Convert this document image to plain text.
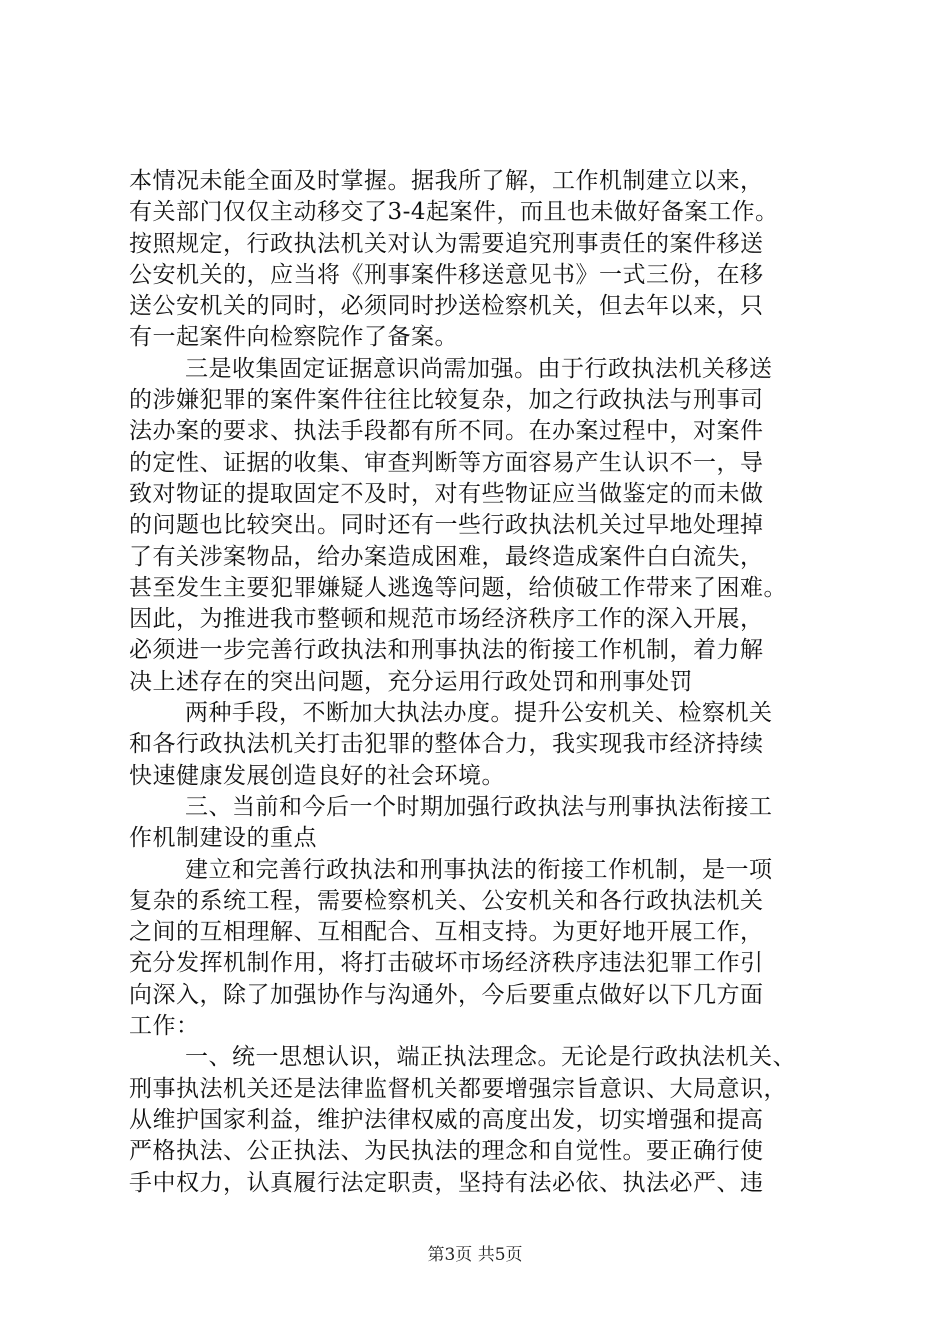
本情况未能全面及时掌握。据我所了解，工作机制建立以来，
有关部门仅仅主动移交了3-4起案件，而且也未做好备案工作。
按照规定，行政执法机关对认为需要追究刑事责任的案件移送
公安机关的，应当将《刑事案件移送意见书》一式三份，在移
送公安机关的同时，必须同时抄送检察机关，但去年以来，只
有一起案件向检察院作了备案。
三是收集固定证据意识尚需加强。由于行政执法机关移送
的涉嫌犯罪的案件案件往往比较复杂，加之行政执法与刑事司
法办案的要求、执法手段都有所不同。在办案过程中，对案件
的定性、证据的收集、审查判断等方面容易产生认识不一，导
致对物证的提取固定不及时，对有些物证应当做鉴定的而未做
的问题也比较突出。同时还有一些行政执法机关过早地处理掉
了有关涉案物品，给办案造成困难，最终造成案件白白流失，
甚至发生主要犯罪嫌疑人逃逸等问题，给侦破工作带来了困难。
因此，为推进我市整顿和规范市场经济秩序工作的深入开展，
必须进一步完善行政执法和刑事执法的衔接工作机制，着力解
决上述存在的突出问题，充分运用行政处罚和刑事处罚
两种手段，不断加大执法办度。提升公安机关、检察机关
和各行政执法机关打击犯罪的整体合力，我实现我市经济持续
快速健康发展创造良好的社会环境。
三、当前和今后一个时期加强行政执法与刑事执法衔接工
作机制建设的重点
建立和完善行政执法和刑事执法的衔接工作机制，是一项
复杂的系统工程，需要检察机关、公安机关和各行政执法机关
之间的互相理解、互相配合、互相支持。为更好地开展工作，
充分发挥机制作用，将打击破坏市场经济秩序违法犯罪工作引
向深入，除了加强协作与沟通外，今后要重点做好以下几方面
工作：
一、统一思想认识，端正执法理念。无论是行政执法机关、
刑事执法机关还是法律监督机关都要增强宗旨意识、大局意识，
从维护国家利益，维护法律权威的高度出发，切实增强和提高
严格执法、公正执法、为民执法的理念和自觉性。要正确行使
手中权力，认真履行法定职责，坚持有法必依、执法必严、违
第3页 共5页
